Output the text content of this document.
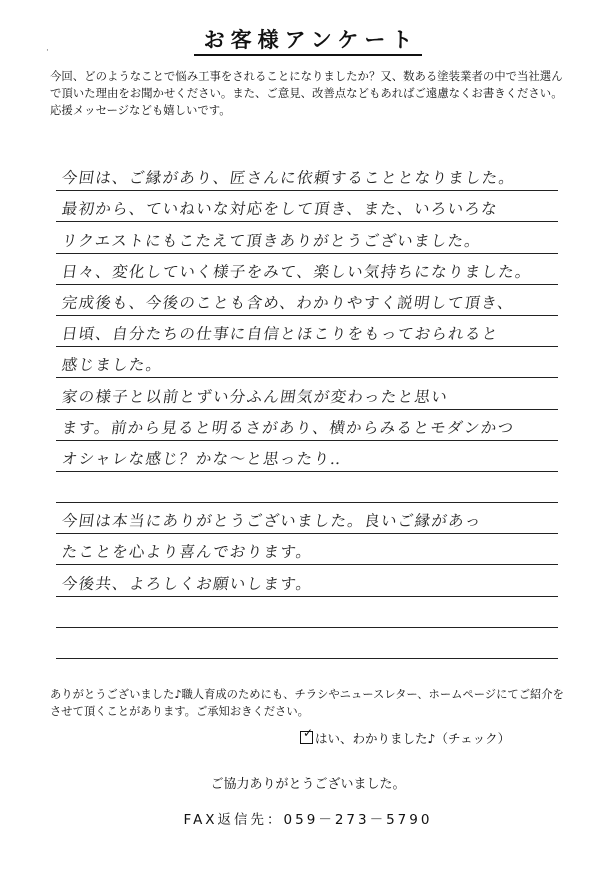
お客様アンケート
·
今回、どのようなことで悩み工事をされることになりましたか？又、数ある塗装業者の中で当社選んで頂いた理由をお聞かせください。また、ご意見、改善点などもあればご遠慮なくお書きください。応援メッセージなども嬉しいです。
今回は、ご縁があり、匠さんに依頼することとなりました。
最初から、ていねいな対応をして頂き、また、いろいろな
リクエストにもこたえて頂きありがとうございました。
日々、変化していく様子をみて、楽しい気持ちになりました。
完成後も、今後のことも含め、わかりやすく説明して頂き、
日頃、自分たちの仕事に自信とほこりをもっておられると
感じました。
家の様子と以前とずい分ふん囲気が変わったと思い
ます。前から見ると明るさがあり、横からみるとモダンかつ
オシャレな感じ？かな～と思ったり‥
今回は本当にありがとうございました。良いご縁があっ
たことを心より喜んでおります。
今後共、よろしくお願いします。
ありがとうございました♪職人育成のためにも、チラシやニュースレター、ホームページにてご紹介をさせて頂くことがあります。ご承知おきください。
✓ はい、わかりました♪（チェック）
ご協力ありがとうございました。
FAX返信先：059－273－5790
